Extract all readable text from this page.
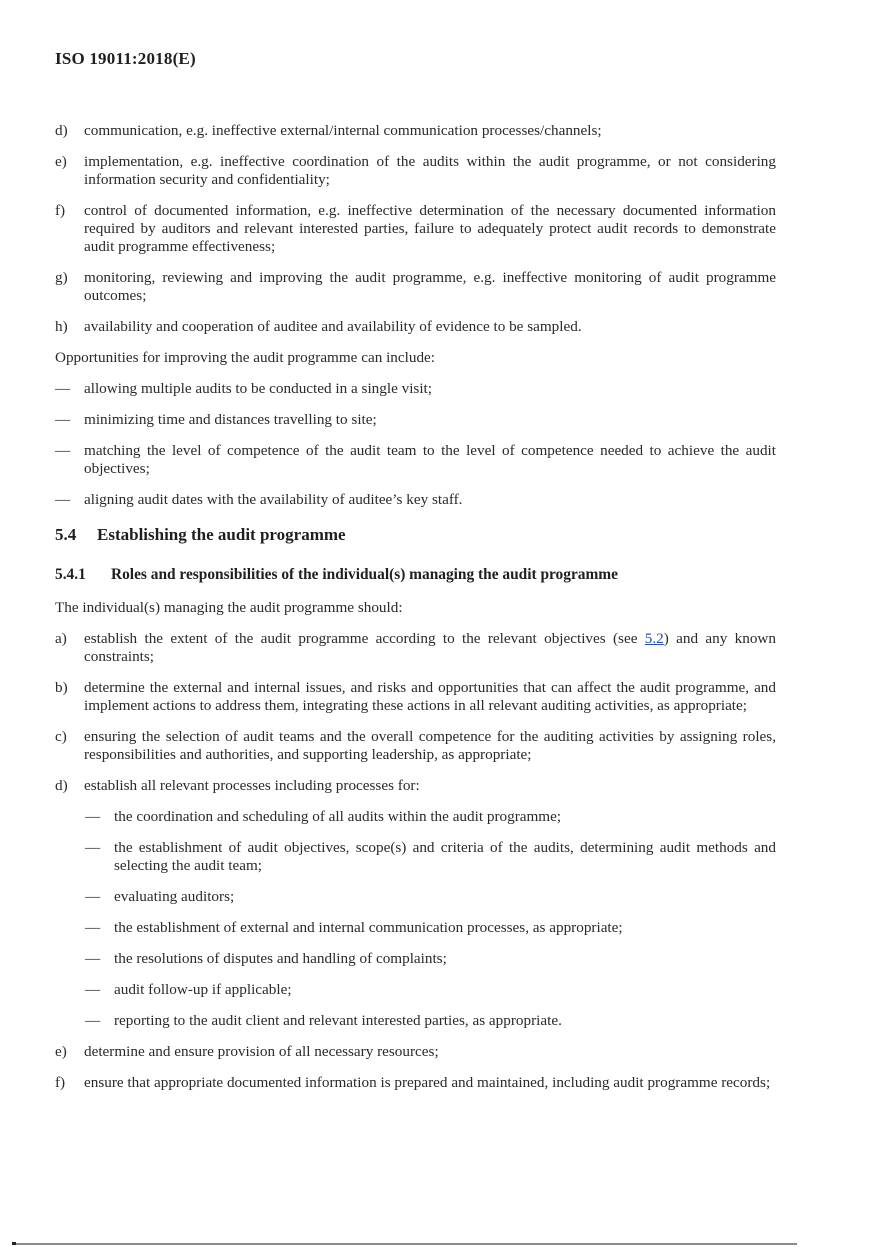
ISO 19011:2018(E)
d)	communication, e.g. ineffective external/internal communication processes/channels;
e)	implementation, e.g. ineffective coordination of the audits within the audit programme, or not considering information security and confidentiality;
f)	control of documented information, e.g. ineffective determination of the necessary documented information required by auditors and relevant interested parties, failure to adequately protect audit records to demonstrate audit programme effectiveness;
g)	monitoring, reviewing and improving the audit programme, e.g. ineffective monitoring of audit programme outcomes;
h)	availability and cooperation of auditee and availability of evidence to be sampled.
Opportunities for improving the audit programme can include:
— allowing multiple audits to be conducted in a single visit;
— minimizing time and distances travelling to site;
— matching the level of competence of the audit team to the level of competence needed to achieve the audit objectives;
— aligning audit dates with the availability of auditee’s key staff.
5.4	Establishing the audit programme
5.4.1	Roles and responsibilities of the individual(s) managing the audit programme
The individual(s) managing the audit programme should:
a)	establish the extent of the audit programme according to the relevant objectives (see 5.2) and any known constraints;
b)	determine the external and internal issues, and risks and opportunities that can affect the audit programme, and implement actions to address them, integrating these actions in all relevant auditing activities, as appropriate;
c)	ensuring the selection of audit teams and the overall competence for the auditing activities by assigning roles, responsibilities and authorities, and supporting leadership, as appropriate;
d)	establish all relevant processes including processes for:
— the coordination and scheduling of all audits within the audit programme;
— the establishment of audit objectives, scope(s) and criteria of the audits, determining audit methods and selecting the audit team;
— evaluating auditors;
— the establishment of external and internal communication processes, as appropriate;
— the resolutions of disputes and handling of complaints;
— audit follow-up if applicable;
— reporting to the audit client and relevant interested parties, as appropriate.
e)	determine and ensure provision of all necessary resources;
f)	ensure that appropriate documented information is prepared and maintained, including audit programme records;
